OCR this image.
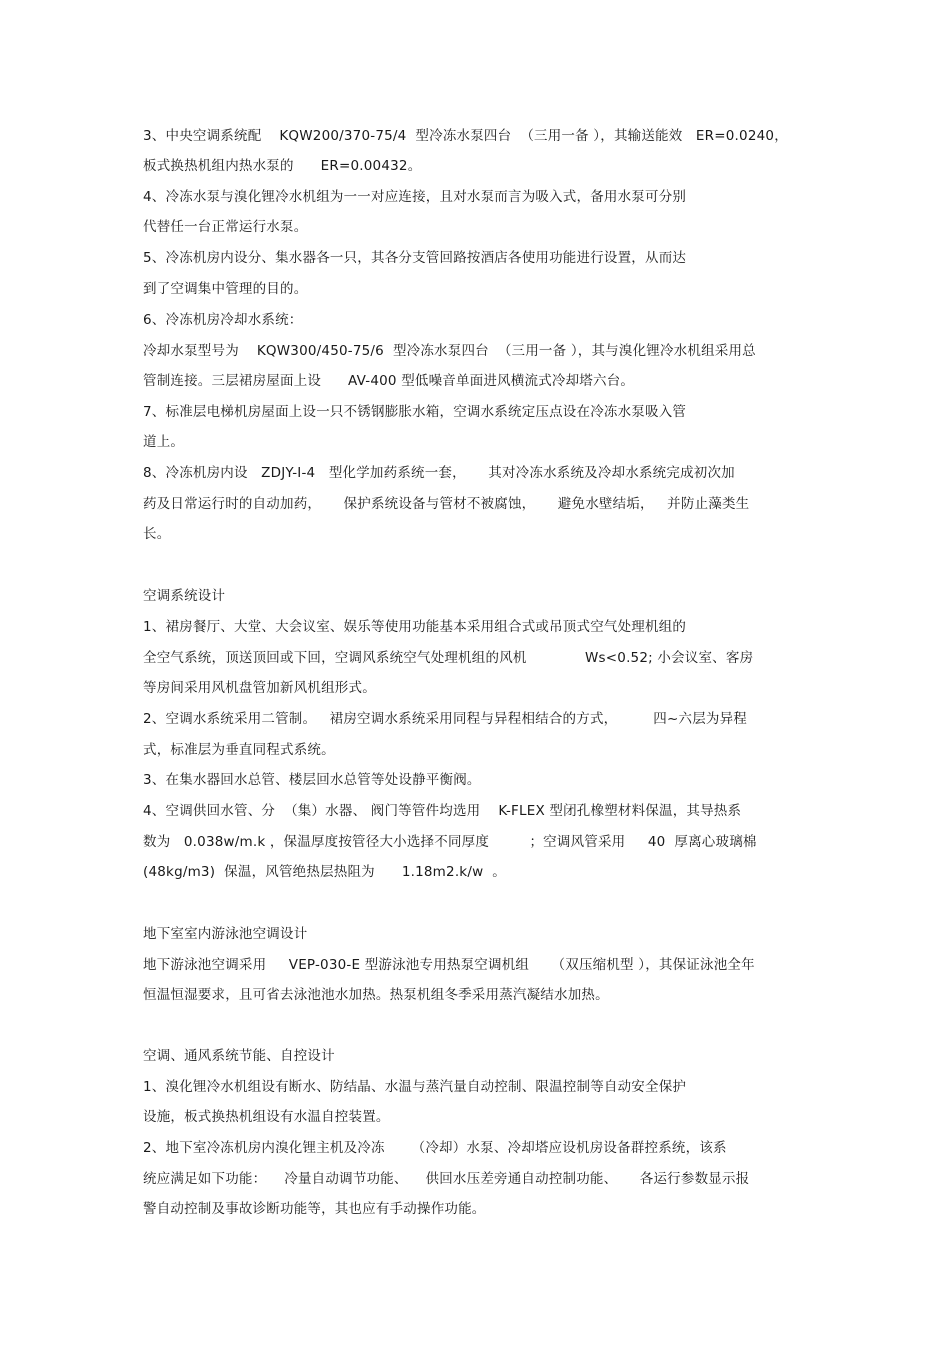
3、中央空调系统配    KQW200/370-75/4  型冷冻水泵四台  （三用一备 ），其输送能效   ER=0.0240，
板式换热机组内热水泵的      ER=0.00432。
4、冷冻水泵与溴化锂冷水机组为一一对应连接，且对水泵而言为吸入式，备用水泵可分别
代替任一台正常运行水泵。
5、冷冻机房内设分、集水器各一只，其各分支管回路按酒店各使用功能进行设置，从而达
到了空调集中管理的目的。
6、冷冻机房冷却水系统：
冷却水泵型号为    KQW300/450-75/6  型冷冻水泵四台  （三用一备 ），其与溴化锂冷水机组采用总
管制连接。三层裙房屋面上设      AV-400 型低噪音单面进风横流式冷却塔六台。
7、标准层电梯机房屋面上设一只不锈钢膨胀水箱，空调水系统定压点设在冷冻水泵吸入管
道上。
8、冷冻机房内设   ZDJY-I-4   型化学加药系统一套，     其对冷冻水系统及冷却水系统完成初次加
药及日常运行时的自动加药，     保护系统设备与管材不被腐蚀，     避免水壁结垢，   并防止藻类生
长。
空调系统设计
1、裙房餐厅、大堂、大会议室、娱乐等使用功能基本采用组合式或吊顶式空气处理机组的
全空气系统，顶送顶回或下回，空调风系统空气处理机组的风机             Ws<0.52; 小会议室、客房
等房间采用风机盘管加新风机组形式。
2、空调水系统采用二管制。   裙房空调水系统采用同程与异程相结合的方式，        四~六层为异程
式，标准层为垂直同程式系统。
3、在集水器回水总管、楼层回水总管等处设静平衡阀。
4、空调供回水管、分  （集）水器、 阀门等管件均选用    K-FLEX 型闭孔橡塑材料保温，其导热系
数为   0.038w/m.k ，保温厚度按管径大小选择不同厚度         ；空调风管采用     40  厚离心玻璃棉
(48kg/m3)  保温，风管绝热层热阻为      1.18m2.k/w  。
地下室室内游泳池空调设计
地下游泳池空调采用     VEP-030-E 型游泳池专用热泵空调机组     （双压缩机型 ），其保证泳池全年
恒温恒湿要求，且可省去泳池池水加热。热泵机组冬季采用蒸汽凝结水加热。
空调、通风系统节能、自控设计
1、溴化锂冷水机组设有断水、防结晶、水温与蒸汽量自动控制、限温控制等自动安全保护
设施，板式换热机组设有水温自控装置。
2、地下室冷冻机房内溴化锂主机及冷冻      （冷却）水泵、冷却塔应设机房设备群控系统，该系
统应满足如下功能：    冷量自动调节功能、    供回水压差旁通自动控制功能、     各运行参数显示报
警自动控制及事故诊断功能等，其也应有手动操作功能。
